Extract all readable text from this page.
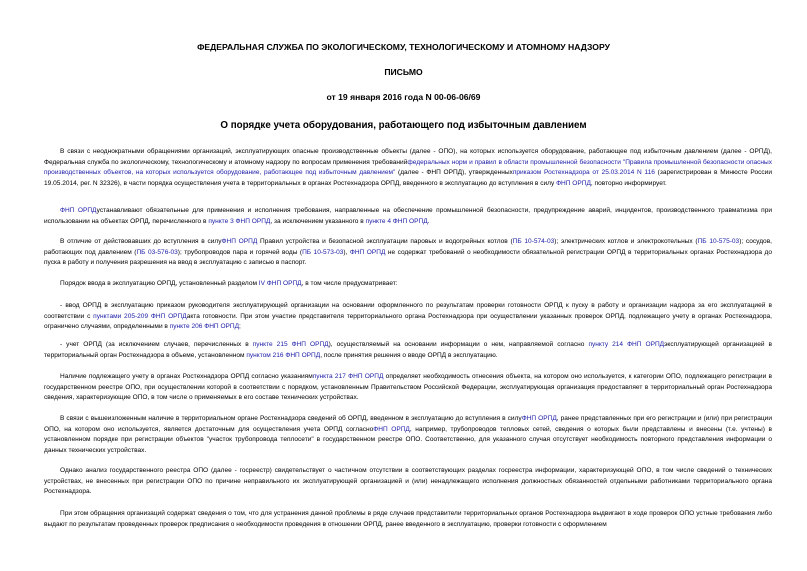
ФЕДЕРАЛЬНАЯ СЛУЖБА ПО ЭКОЛОГИЧЕСКОМУ, ТЕХНОЛОГИЧЕСКОМУ И АТОМНОМУ НАДЗОРУ
ПИСЬМО
от 19 января 2016 года N 00-06-06/69
О порядке учета оборудования, работающего под избыточным давлением

В связи с неоднократными обращениями организаций, эксплуатирующих опасные производственные объекты (далее - ОПО), на которых используется оборудование, работающее под избыточным давлением (далее - ОРПД), Федеральная служба по экологическому, технологическому и атомному надзору по вопросам применения требованийфедеральных норм и правил в области промышленной безопасности "Правила промышленной безопасности опасных производственных объектов, на которых используется оборудование, работающее под избыточным давлением" (далее - ФНП ОРПД), утвержденныхприказом Ростехнадзора от 25.03.2014 N 116 (зарегистрирован в Минюсте России 19.05.2014, рег. N 32326), в части порядка осуществления учета в территориальных в органах Ростехнадзора ОРПД, введенного в эксплуатацию до вступления в силу ФНП ОРПД, повторно информирует.

ФНП ОРПДустанавливают обязательные для применения и исполнения требования, направленные на обеспечение промышленной безопасности, предупреждение аварий, инцидентов, производственного травматизма при использовании на объектах ОРПД, перечисленного в пункте 3 ФНП ОРПД, за исключением указанного в пункте 4 ФНП ОРПД.

В отличие от действовавших до вступления в силуФНП ОРПД Правил устройства и безопасной эксплуатации паровых и водогрейных котлов (ПБ 10-574-03); электрических котлов и электрокотельных (ПБ 10-575-03); сосудов, работающих под давлением (ПБ 03-576-03); трубопроводов пара и горячей воды (ПБ 10-573-03), ФНП ОРПД не содержат требований о необходимости обязательной регистрации ОРПД в территориальных органах Ростехнадзора до пуска в работу и получения разрешения на ввод в эксплуатацию с записью в паспорт.

Порядок ввода в эксплуатацию ОРПД, установленный разделом IV ФНП ОРПД, в том числе предусматривает:

- ввод ОРПД в эксплуатацию приказом руководителя эксплуатирующей организации на основании оформленного по результатам проверки готовности ОРПД к пуску в работу и организации надзора за его эксплуатацией в соответствии с пунктами 205-209 ФНП ОРПДакта готовности. При этом участие представителя территориального органа Ростехнадзора при осуществлении указанных проверок ОРПД, подлежащего учету в органах Ростехнадзора, ограничено случаями, определенными в пункте 206 ФНП ОРПД;

- учет ОРПД (за исключением случаев, перечисленных в пункте 215 ФНП ОРПД), осуществляемый на основании информации о нем, направляемой согласно пункту 214 ФНП ОРПДэксплуатирующей организацией в территориальный орган Ростехнадзора в объеме, установленном пунктом 216 ФНП ОРПД, после принятия решения о вводе ОРПД в эксплуатацию.

Наличие подлежащего учету в органах Ростехнадзора ОРПД согласно указаниямпункта 217 ФНП ОРПД определяет необходимость отнесения объекта, на котором оно используется, к категории ОПО, подлежащего регистрации в государственном реестре ОПО, при осуществлении которой в соответствии с порядком, установленным Правительством Российской Федерации, эксплуатирующая организация предоставляет в территориальный орган Ростехнадзора сведения, характеризующие ОПО, в том числе о применяемых в его составе технических устройствах.

В связи с вышеизложенным наличие в территориальном органе Ростехнадзора сведений об ОРПД, введенном в эксплуатацию до вступления в силуФНП ОРПД, ранее представленных при его регистрации и (или) при регистрации ОПО, на котором оно используется, является достаточным для осуществления учета ОРПД согласноФНП ОРПД, например, трубопроводов тепловых сетей, сведения о которых были представлены и внесены (т.е. учтены) в установленном порядке при регистрации объектов "участок трубопровода теплосети" в государственном реестре ОПО. Соответственно, для указанного случая отсутствует необходимость повторного представления информации о данных технических устройствах.

Однако анализ государственного реестра ОПО (далее - госреестр) свидетельствует о частичном отсутствии в соответствующих разделах госреестра информации, характеризующей ОПО, в том числе сведений о технических устройствах, не внесенных при регистрации ОПО по причине неправильного их эксплуатирующей организацией и (или) ненадлежащего исполнения должностных обязанностей отдельными работниками территориального органа Ростехнадзора.

При этом обращения организаций содержат сведения о том, что для устранения данной проблемы в ряде случаев представители территориальных органов Ростехнадзора выдвигают в ходе проверок ОПО устные требования либо выдают по результатам проведенных проверок предписания о необходимости проведения в отношении ОРПД, ранее введенного в эксплуатацию, проверки готовности с оформлением
